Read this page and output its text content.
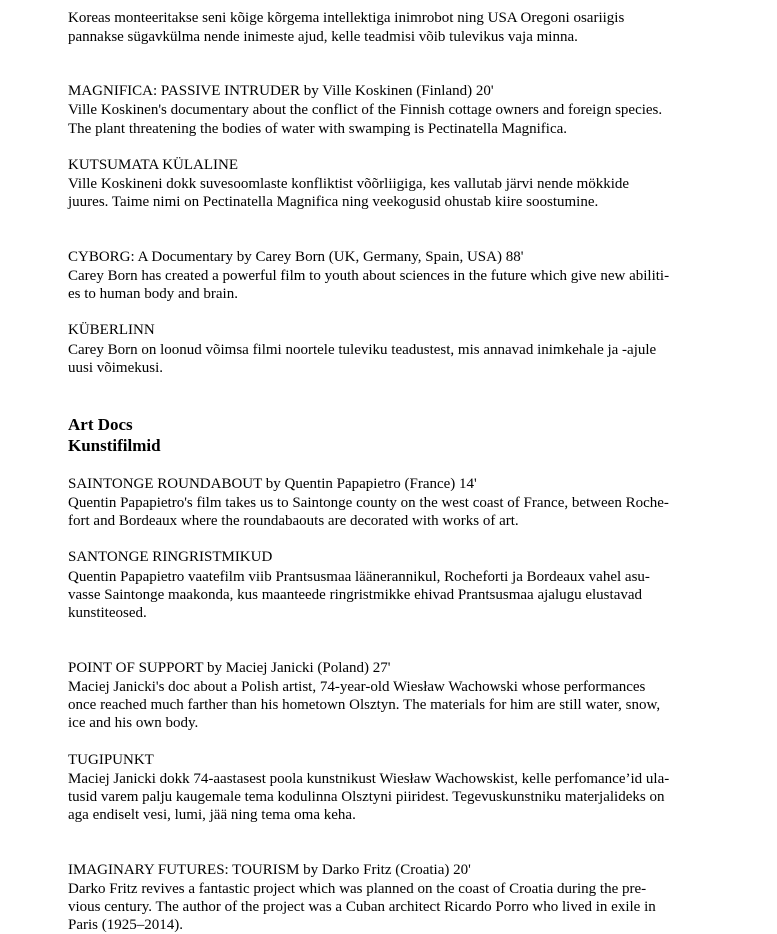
Koreas monteeritakse seni kõige kõrgema intellektiga inimrobot ning USA Oregoni osariigis
pannakse sügavkülma nende inimeste ajud, kelle teadmisi võib tulevikus vaja minna.
MAGNIFICA: PASSIVE INTRUDER by Ville Koskinen (Finland) 20'
Ville Koskinen's documentary about the conflict of the Finnish cottage owners and foreign species.
The plant threatening the bodies of water with swamping is Pectinatella Magnifica.
KUTSUMATA KÜLALINE
Ville Koskineni dokk suvesoomlaste konfliktist võõrliigiga, kes vallutab järvi nende mökkide
juures. Taime nimi on Pectinatella Magnifica ning veekogusid ohustab kiire soostumine.
CYBORG: A Documentary by Carey Born (UK, Germany, Spain, USA) 88'
Carey Born has created a powerful film to youth about sciences in the future which give new abiliti-
es to human body and brain.
KÜBERLINN
Carey Born on loonud võimsa filmi noortele tuleviku teadustest, mis annavad inimkehale ja -ajule
uusi võimekusi.
Art Docs
Kunstifilmid
SAINTONGE ROUNDABOUT by Quentin Papapietro (France) 14'
Quentin Papapietro's film takes us to Saintonge county on the west coast of France, between Roche-
fort and Bordeaux where the roundabaouts are decorated with works of art.
SANTONGE RINGRISTMIKUD
Quentin Papapietro vaatefilm viib Prantsusmaa läänerannikul, Rocheforti ja Bordeaux vahel asu-
vasse Saintonge maakonda, kus maanteede ringristmikke ehivad Prantsusmaa ajalugu elustavad
kunstiteosed.
POINT OF SUPPORT by Maciej Janicki (Poland) 27'
Maciej Janicki's doc about a Polish artist, 74-year-old Wiesław Wachowski whose performances
once reached much farther than his hometown Olsztyn. The materials for him are still water, snow,
ice and his own body.
TUGIPUNKT
Maciej Janicki dokk 74-aastasest poola kunstnikust Wiesław Wachowskist, kelle perfomance’id ula-
tusid varem palju kaugemale tema kodulinna Olsztyni piiridest. Tegevuskunstniku materjalideks on
aga endiselt vesi, lumi, jää ning tema oma keha.
IMAGINARY FUTURES: TOURISM by Darko Fritz (Croatia) 20'
Darko Fritz revives a fantastic project which was planned on the coast of Croatia during the pre-
vious century. The author of the project was a Cuban architect Ricardo Porro who lived in exile in
Paris (1925–2014).
